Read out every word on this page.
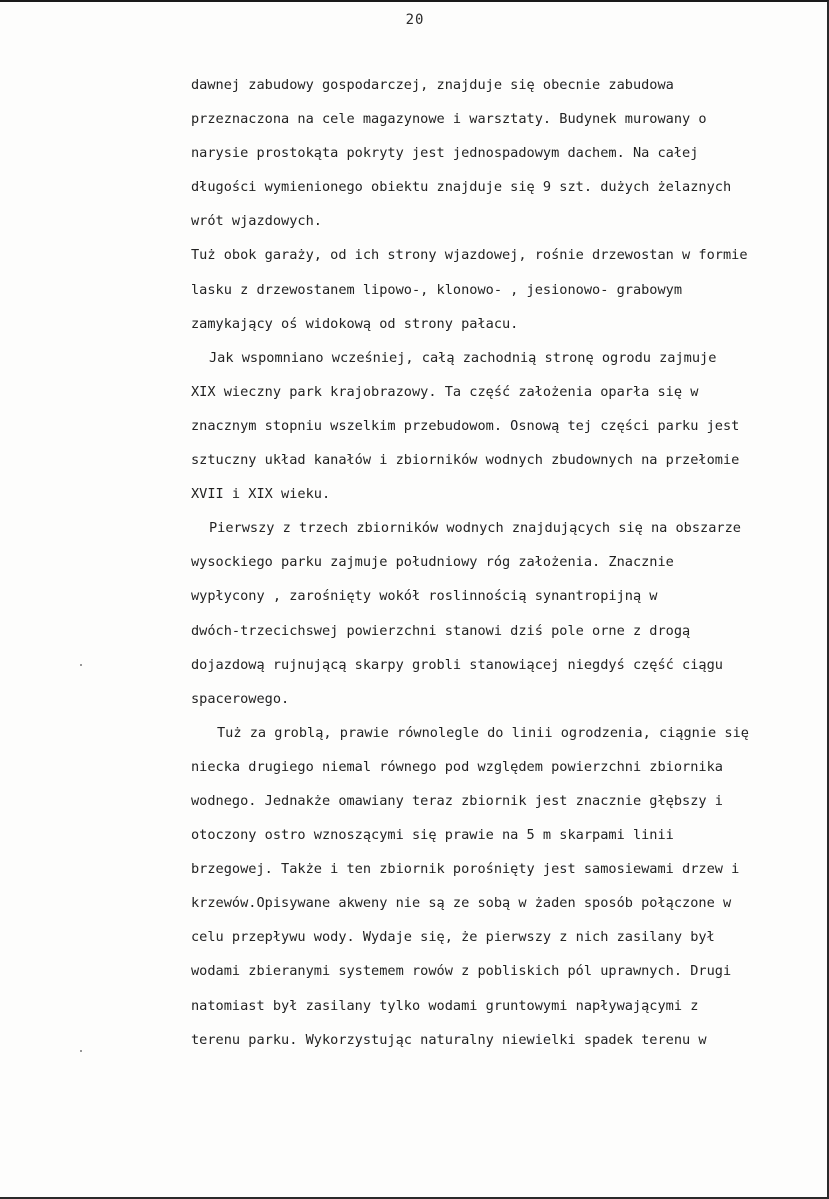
20
dawnej zabudowy gospodarczej, znajduje się obecnie zabudowa
przeznaczona na cele magazynowe i warsztaty. Budynek murowany o
narysie prostokąta pokryty jest jednospadowym dachem. Na całej
długości wymienionego obiektu znajduje się 9 szt. dużych żelaznych
wrót wjazdowych.
Tuż obok garaży, od ich strony wjazdowej, rośnie drzewostan w formie
lasku z drzewostanem lipowo-, klonowo- , jesionowo- grabowym
zamykający oś widokową od strony pałacu.
Jak wspomniano wcześniej, całą zachodnią stronę ogrodu zajmuje
XIX wieczny park krajobrazowy. Ta część założenia oparła się w
znacznym stopniu wszelkim przebudowom. Osnową tej części parku jest
sztuczny układ kanałów i zbiorników wodnych zbudownych na przełomie
XVII i XIX wieku.
Pierwszy z trzech zbiorników wodnych znajdujących się na obszarze
wysockiego parku zajmuje południowy róg założenia. Znacznie
wypłycony , zarośnięty wokół roslinnością synantropijną w
dwóch-trzecichswej powierzchni stanowi dziś pole orne z drogą
dojazdową rujnującą skarpy grobli stanowiącej niegdyś część ciągu
spacerowego.
Tuż za groblą, prawie równolegle do linii ogrodzenia, ciągnie się
niecka drugiego niemal równego pod względem powierzchni zbiornika
wodnego. Jednakże omawiany teraz zbiornik jest znacznie głębszy i
otoczony ostro wznoszącymi się prawie na 5 m skarpami linii
brzegowej. Także i ten zbiornik porośnięty jest samosiewami drzew i
krzewów.Opisywane akweny nie są ze sobą w żaden sposób połączone w
celu przepływu wody. Wydaje się, że pierwszy z nich zasilany był
wodami zbieranymi systemem rowów z pobliskich pól uprawnych. Drugi
natomiast był zasilany tylko wodami gruntowymi napływającymi z
terenu parku. Wykorzystując naturalny niewielki spadek terenu w
